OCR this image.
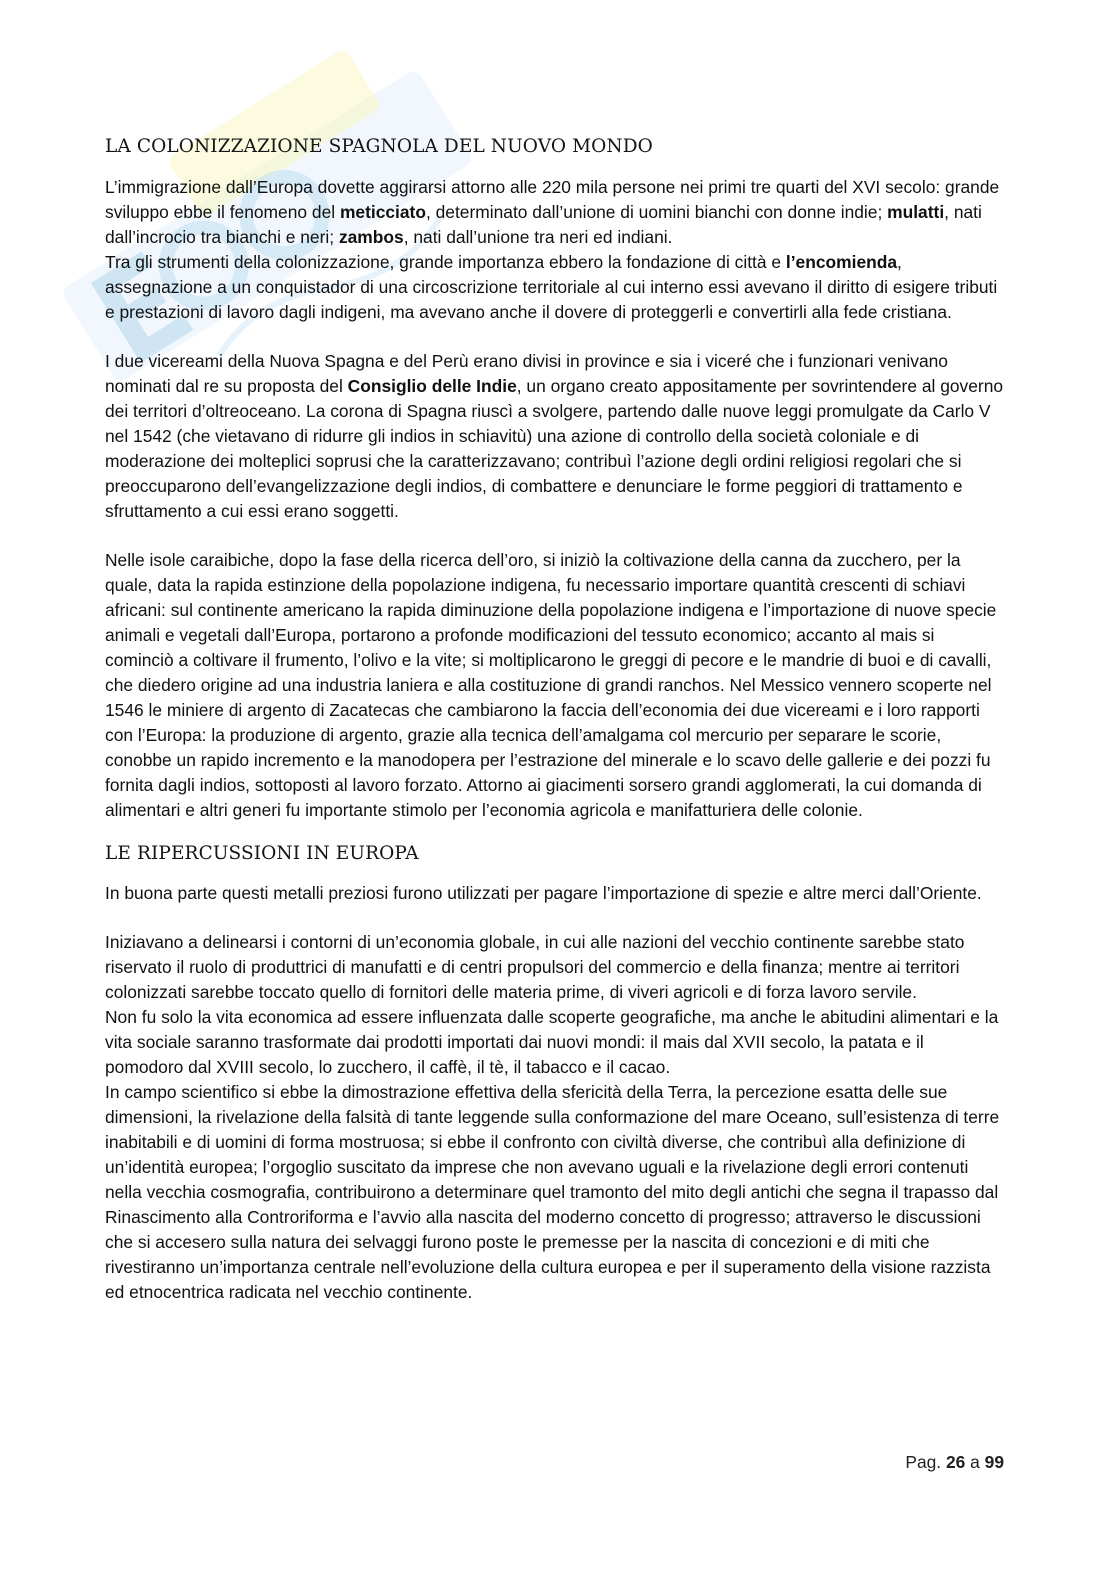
LA COLONIZZAZIONE SPAGNOLA DEL NUOVO MONDO

L’immigrazione dall’Europa dovette aggirarsi attorno alle 220 mila persone nei primi tre quarti del XVI secolo: grande sviluppo ebbe il fenomeno del meticciato, determinato dall’unione di uomini bianchi con donne indie; mulatti, nati dall’incrocio tra bianchi e neri; zambos, nati dall’unione tra neri ed indiani.

Tra gli strumenti della colonizzazione, grande importanza ebbero la fondazione di città e l’encomienda, assegnazione a un conquistador di una circoscrizione territoriale al cui interno essi avevano il diritto di esigere tributi e prestazioni di lavoro dagli indigeni, ma avevano anche il dovere di proteggerli e convertirli alla fede cristiana.

I due vicereami della Nuova Spagna e del Perù erano divisi in province e sia i viceré che i funzionari venivano nominati dal re su proposta del Consiglio delle Indie, un organo creato appositamente per sovrintendere al governo dei territori d’oltreoceano. La corona di Spagna riuscì a svolgere, partendo dalle nuove leggi promulgate da Carlo V nel 1542 (che vietavano di ridurre gli indios in schiavitù) una azione di controllo della società coloniale e di moderazione dei molteplici soprusi che la caratterizzavano; contribuì l’azione degli ordini religiosi regolari che si preoccuparono dell’evangelizzazione degli indios, di combattere e denunciare le forme peggiori di trattamento e sfruttamento a cui essi erano soggetti.

Nelle isole caraibiche, dopo la fase della ricerca dell’oro, si iniziò la coltivazione della canna da zucchero, per la quale, data la rapida estinzione della popolazione indigena, fu necessario importare quantità crescenti di schiavi africani: sul continente americano la rapida diminuzione della popolazione indigena e l’importazione di nuove specie animali e vegetali dall’Europa, portarono a profonde modificazioni del tessuto economico; accanto al mais si cominciò a coltivare il frumento, l’olivo e la vite; si moltiplicarono le greggi di pecore e le mandrie di buoi e di cavalli, che diedero origine ad una industria laniera e alla costituzione di grandi ranchos. Nel Messico vennero scoperte nel 1546 le miniere di argento di Zacatecas che cambiarono la faccia dell’economia dei due vicereami e i loro rapporti con l’Europa: la produzione di argento, grazie alla tecnica dell’amalgama col mercurio per separare le scorie, conobbe un rapido incremento e la manodopera per l’estrazione del minerale e lo scavo delle gallerie e dei pozzi fu fornita dagli indios, sottoposti al lavoro forzato. Attorno ai giacimenti sorsero grandi agglomerati, la cui domanda di alimentari e altri generi fu importante stimolo per l’economia agricola e manifatturiera delle colonie.

LE RIPERCUSSIONI IN EUROPA

In buona parte questi metalli preziosi furono utilizzati per pagare l’importazione di spezie e altre merci dall’Oriente.

Iniziavano a delinearsi i contorni di un’economia globale, in cui alle nazioni del vecchio continente sarebbe stato riservato il ruolo di produttrici di manufatti e di centri propulsori del commercio e della finanza; mentre ai territori colonizzati sarebbe toccato quello di fornitori delle materia prime, di viveri agricoli e di forza lavoro servile.

Non fu solo la vita economica ad essere influenzata dalle scoperte geografiche, ma anche le abitudini alimentari e la vita sociale saranno trasformate dai prodotti importati dai nuovi mondi: il mais dal XVII secolo, la patata e il pomodoro dal XVIII secolo, lo zucchero, il caffè, il tè, il tabacco e il cacao.

In campo scientifico si ebbe la dimostrazione effettiva della sfericità della Terra, la percezione esatta delle sue dimensioni, la rivelazione della falsità di tante leggende sulla conformazione del mare Oceano, sull’esistenza di terre inabitabili e di uomini di forma mostruosa; si ebbe il confronto con civiltà diverse, che contribuì alla definizione di un’identità europea; l’orgoglio suscitato da imprese che non avevano uguali e la rivelazione degli errori contenuti nella vecchia cosmografia, contribuirono a determinare quel tramonto del mito degli antichi che segna il trapasso dal Rinascimento alla Controriforma e l’avvio alla nascita del moderno concetto di progresso; attraverso le discussioni che si accesero sulla natura dei selvaggi furono poste le premesse per la nascita di concezioni e di miti che rivestiranno un’importanza centrale nell’evoluzione della cultura europea e per il superamento della visione razzista ed etnocentrica radicata nel vecchio continente.

Pag. 26 a 99
